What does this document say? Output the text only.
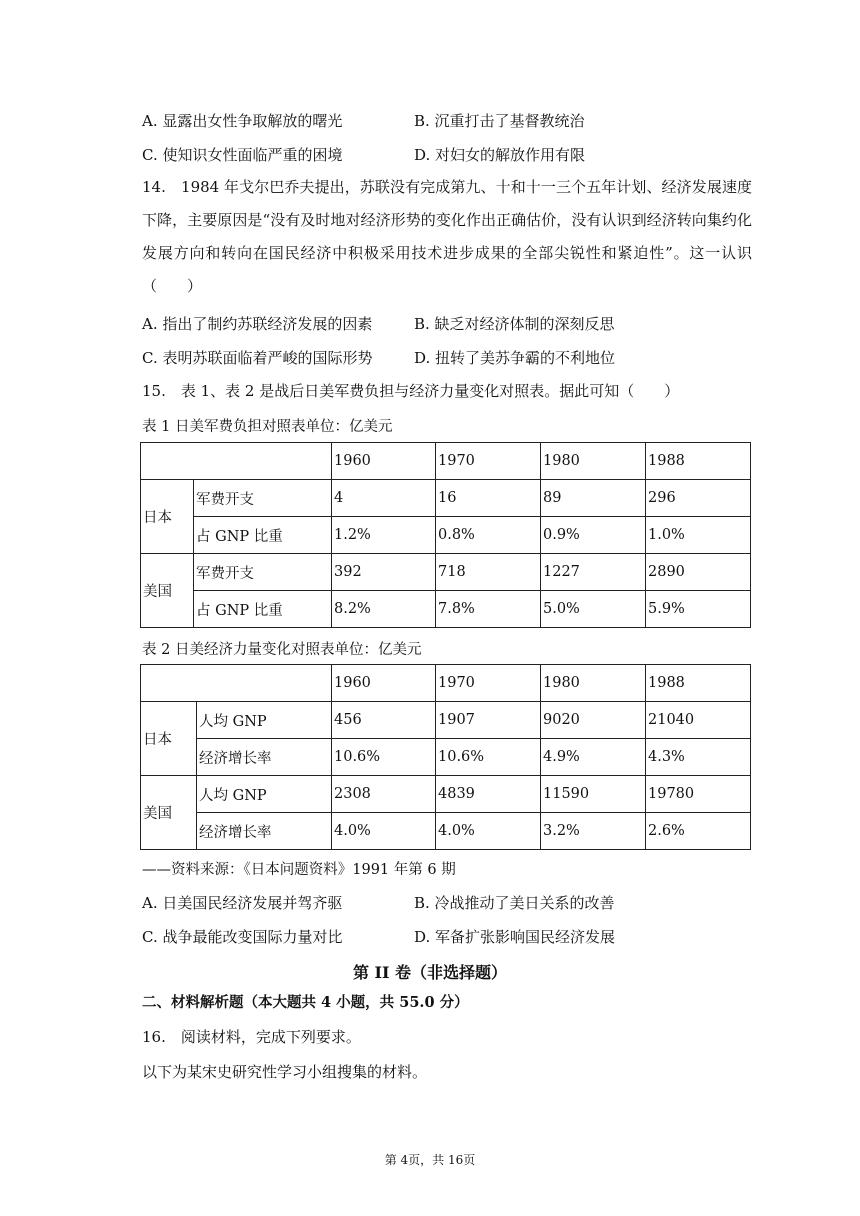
A. 显露出女性争取解放的曙光	B. 沉重打击了基督教统治
C. 使知识女性面临严重的困境	D. 对妇女的解放作用有限
14.　1984 年戈尔巴乔夫提出，苏联没有完成第九、十和十一三个五年计划、经济发展速度下降，主要原因是“没有及时地对经济形势的变化作出正确估价，没有认识到经济转向集约化发展方向和转向在国民经济中积极采用技术进步成果的全部尖锐性和紧迫性”。这一认识（　　）
A. 指出了制约苏联经济发展的因素	B. 缺乏对经济体制的深刻反思
C. 表明苏联面临着严峻的国际形势	D. 扭转了美苏争霸的不利地位
15.　表 1、表 2 是战后日美军费负担与经济力量变化对照表。据此可知（　　）
表 1 日美军费负担对照表单位：亿美元
		1960	1970	1980	1988
日本	军费开支	4	16	89	296
	占 GNP 比重	1.2%	0.8%	0.9%	1.0%
美国	军费开支	392	718	1227	2890
	占 GNP 比重	8.2%	7.8%	5.0%	5.9%
表 2 日美经济力量变化对照表单位：亿美元
		1960	1970	1980	1988
日本	人均 GNP	456	1907	9020	21040
	经济增长率	10.6%	10.6%	4.9%	4.3%
美国	人均 GNP	2308	4839	11590	19780
	经济增长率	4.0%	4.0%	3.2%	2.6%
——资料来源：《日本问题资料》1991 年第 6 期
A. 日美国民经济发展并驾齐驱	B. 冷战推动了美日关系的改善
C. 战争最能改变国际力量对比	D. 军备扩张影响国民经济发展
第 II 卷（非选择题）
二、材料解析题（本大题共 4 小题，共 55.0 分）
16.　阅读材料，完成下列要求。
以下为某宋史研究性学习小组搜集的材料。
第 4页，共 16页
